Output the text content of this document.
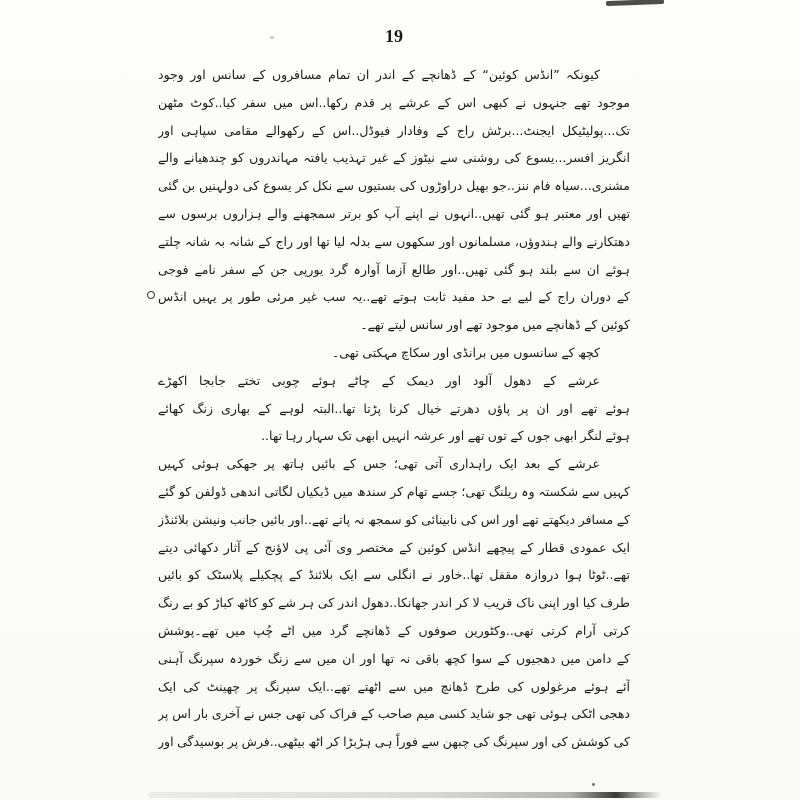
19
کیونکہ ”انڈس کوئین“ کے ڈھانچے کے اندر ان تمام مسافروں کے سانس اور وجود
موجود تھے جنہوں نے کبھی اس کے عرشے پر قدم رکھا..اس میں سفر کیا..کوٹ مٹھن
تک...پولیٹیکل ایجنٹ...برٹش راج کے وفادار فیوڈل..اس کے رکھوالے مقامی سپاہی اور
انگریز افسر...یسوع کی روشنی سے نیٹوز کے غیر تہذیب یافتہ مہاندروں کو چندھیانے والے
مشنری...سیاہ فام ننز..جو بھیل دراوڑوں کی بستیوں سے نکل کر یسوع کی دولہنیں بن گئی
تھیں اور معتبر ہو گئی تھیں..انہوں نے اپنے آپ کو برتر سمجھنے والے ہزاروں برسوں سے
دھتکارنے والے ہندوؤں، مسلمانوں اور سکھوں سے بدلہ لیا تھا اور راج کے شانہ بہ شانہ چلتے
ہوئے ان سے بلند ہو گئی تھیں..اور طالع آزما آوارہ گرد یورپی جن کے سفر نامے فوجی
کے دوران راج کے لیے بے حد مفید ثابت ہوتے تھے..یہ سب غیر مرئی طور پر یہیں انڈس
کوئین کے ڈھانچے میں موجود تھے اور سانس لیتے تھے۔
کچھ کے سانسوں میں برانڈی اور سکاچ مہکتی تھی۔
عرشے کے دھول آلود اور دیمک کے چاٹے ہوئے چوبی تختے جابجا اکھڑے
ہوئے تھے اور ان پر پاؤں دھرتے خیال کرنا پڑتا تھا..البتہ لوہے کے بھاری زنگ کھائے
ہوئے لنگر ابھی جوں کے توں تھے اور عرشہ انہیں ابھی تک سہار رہا تھا..
عرشے کے بعد ایک راہداری آتی تھی؛ جس کے بائیں ہاتھ پر جھکی ہوئی کہیں
کہیں سے شکستہ وہ ریلنگ تھی؛ جسے تھام کر سندھ میں ڈبکیاں لگاتی اندھی ڈولفن کو گئے
کے مسافر دیکھتے تھے اور اس کی نابینائی کو سمجھ نہ پاتے تھے..اور بائیں جانب ونیشن بلائنڈز
ایک عمودی قطار کے پیچھے انڈس کوئین کے مختصر وی آئی پی لاؤنج کے آثار دکھائی دیتے
تھے..ٹوٹا ہوا دروازہ مقفل تھا..خاور نے انگلی سے ایک بلائنڈ کے پچکیلے پلاسٹک کو بائیں
طرف کیا اور اپنی ناک قریب لا کر اندر جھانکا..دھول اندر کی ہر شے کو کاٹھ کباڑ کو بے رنگ
کرتی آرام کرتی تھی..وکٹورین صوفوں کے ڈھانچے گرد میں اٹے چُپ میں تھے۔پوشش
کے دامن میں دھجیوں کے سوا کچھ باقی نہ تھا اور ان میں سے زنگ خوردہ سپرنگ آہنی
آئے ہوئے مرغولوں کی طرح ڈھانچ میں سے اٹھتے تھے..ایک سپرنگ پر چھینٹ کی ایک
دھجی اٹکی ہوئی تھی جو شاید کسی میم صاحب کے فراک کی تھی جس نے آخری بار اس پر
کی کوشش کی اور سپرنگ کی چبھن سے فوراً ہی ہڑبڑا کر اٹھ بیٹھی..فرش پر بوسیدگی اور
